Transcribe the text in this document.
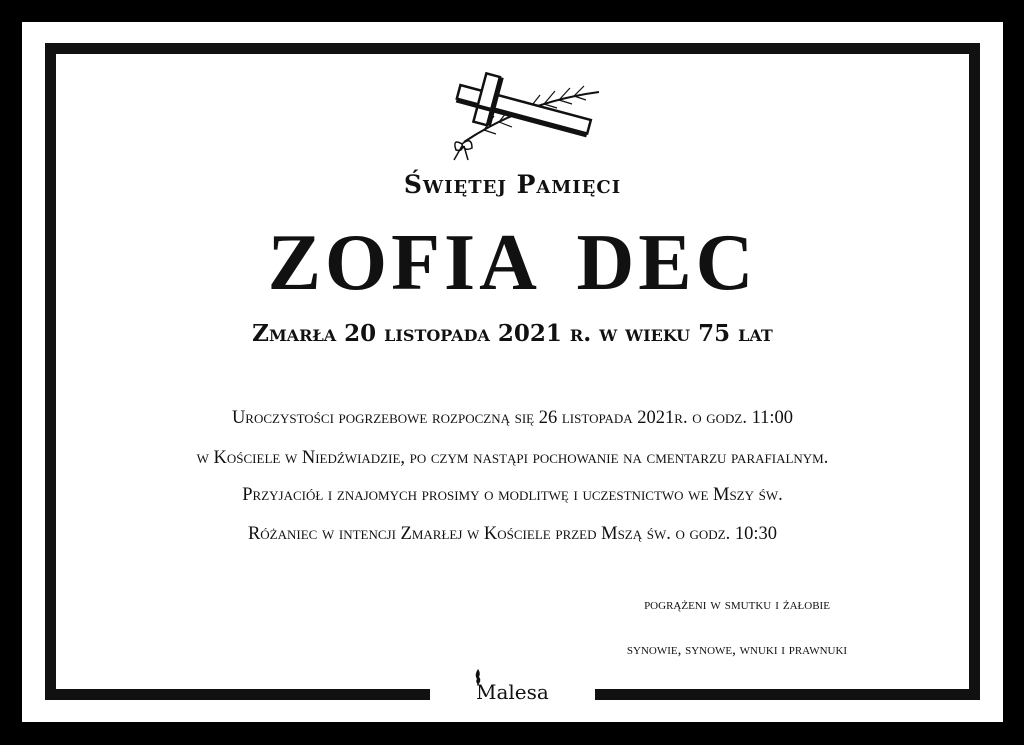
Świętej Pamięci
ZOFIA DEC
Zmarła 20 listopada 2021 r. w wieku 75 lat
Uroczystości pogrzebowe rozpoczną się 26 listopada 2021r. o godz. 11:00
w Kościele w Niedźwiadzie, po czym nastąpi pochowanie na cmentarzu parafialnym.
Przyjaciół i znajomych prosimy o modlitwę i uczestnictwo we Mszy św.
Różaniec w intencji Zmarłej w Kościele przed Mszą św. o godz. 10:30
pogrążeni w smutku i żałobie
synowie, synowe, wnuki i prawnuki
Malesa
